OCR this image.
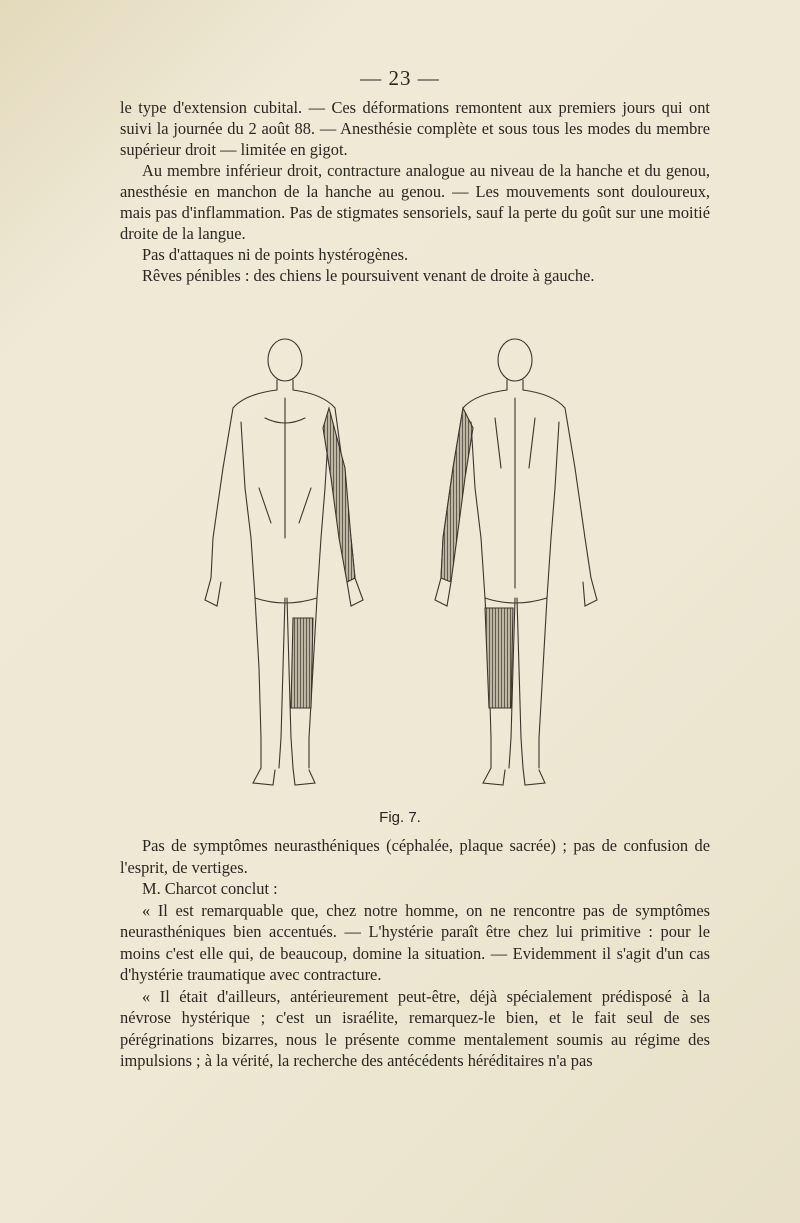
— 23 —

le type d'extension cubital. — Ces déformations remontent aux premiers jours qui ont suivi la journée du 2 août 88. — Anesthésie complète et sous tous les modes du membre supérieur droit — limitée en gigot.

Au membre inférieur droit, contracture analogue au niveau de la hanche et du genou, anesthésie en manchon de la hanche au genou. — Les mouvements sont douloureux, mais pas d'inflammation. Pas de stigmates sensoriels, sauf la perte du goût sur une moitié droite de la langue.

Pas d'attaques ni de points hystérogènes.

Rêves pénibles : des chiens le poursuivent venant de droite à gauche.

Fig. 7.

Pas de symptômes neurasthéniques (céphalée, plaque sacrée) ; pas de confusion de l'esprit, de vertiges.

M. Charcot conclut :

« Il est remarquable que, chez notre homme, on ne rencontre pas de symptômes neurasthéniques bien accentués. — L'hystérie paraît être chez lui primitive : pour le moins c'est elle qui, de beaucoup, domine la situation. — Evidemment il s'agit d'un cas d'hystérie traumatique avec contracture.

« Il était d'ailleurs, antérieurement peut-être, déjà spécialement prédisposé à la névrose hystérique ; c'est un israélite, remarquez-le bien, et le fait seul de ses pérégrinations bizarres, nous le présente comme mentalement soumis au régime des impulsions ; à la vérité, la recherche des antécédents héréditaires n'a pas
